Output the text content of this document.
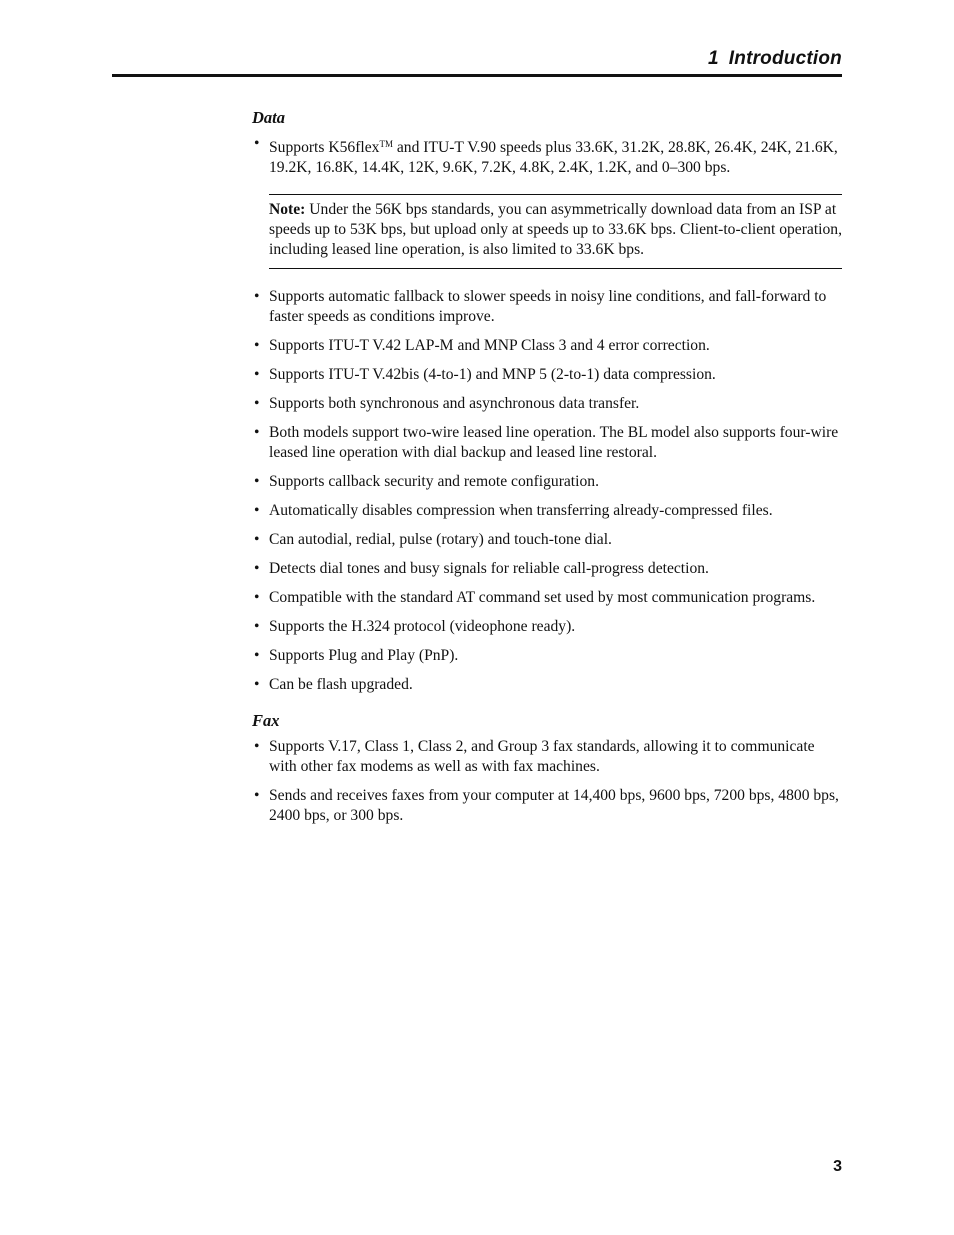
1 Introduction
Data
• Supports K56flex™ and ITU-T V.90 speeds plus 33.6K, 31.2K, 28.8K, 26.4K, 24K, 21.6K, 19.2K, 16.8K, 14.4K, 12K, 9.6K, 7.2K, 4.8K, 2.4K, 1.2K, and 0–300 bps.
Note: Under the 56K bps standards, you can asymmetrically download data from an ISP at speeds up to 53K bps, but upload only at speeds up to 33.6K bps. Client-to-client operation, including leased line operation, is also limited to 33.6K bps.
• Supports automatic fallback to slower speeds in noisy line conditions, and fall-forward to faster speeds as conditions improve.
• Supports ITU-T V.42 LAP-M and MNP Class 3 and 4 error correction.
• Supports ITU-T V.42bis (4-to-1) and MNP 5 (2-to-1) data compression.
• Supports both synchronous and asynchronous data transfer.
• Both models support two-wire leased line operation. The BL model also supports four-wire leased line operation with dial backup and leased line restoral.
• Supports callback security and remote configuration.
• Automatically disables compression when transferring already-compressed files.
• Can autodial, redial, pulse (rotary) and touch-tone dial.
• Detects dial tones and busy signals for reliable call-progress detection.
• Compatible with the standard AT command set used by most communication programs.
• Supports the H.324 protocol (videophone ready).
• Supports Plug and Play (PnP).
• Can be flash upgraded.
Fax
• Supports V.17, Class 1, Class 2, and Group 3 fax standards, allowing it to communicate with other fax modems as well as with fax machines.
• Sends and receives faxes from your computer at 14,400 bps, 9600 bps, 7200 bps, 4800 bps, 2400 bps, or 300 bps.
3
